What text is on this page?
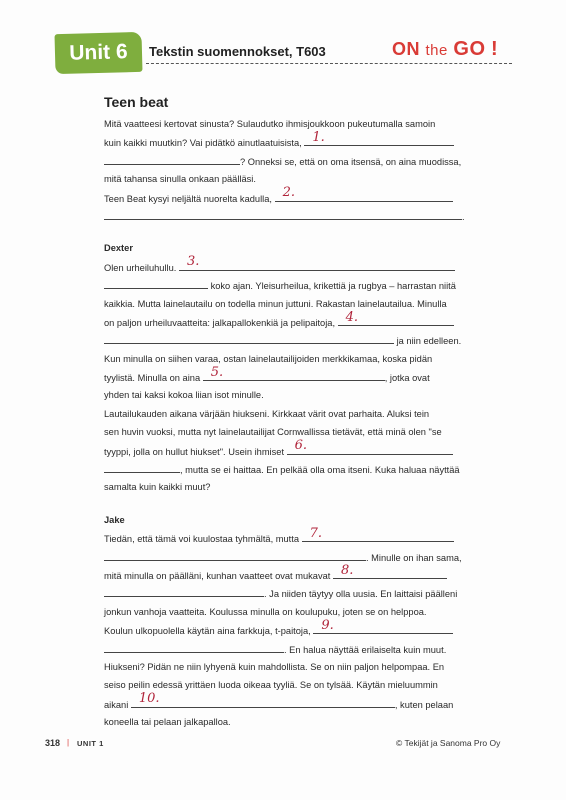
Unit 6	Tekstin suomennokset, T603	ON the GO !
Teen beat
Mitä vaatteesi kertovat sinusta? Sulaudutko ihmisjoukkoon pukeutumalla samoin
kuin kaikki muutkin? Vai pidätkö ainutlaatuisista, 1.
? Onneksi se, että on oma itsensä, on aina muodissa,
mitä tahansa sinulla onkaan päälläsi.
Teen Beat kysyi neljältä nuorelta kadulla, 2.
.
Dexter
Olen urheiluhullu. 3.
koko ajan. Yleisurheilua, krikettiä ja rugbya – harrastan niitä
kaikkia. Mutta lainelautailu on todella minun juttuni. Rakastan lainelautailua. Minulla
on paljon urheiluvaatteita: jalkapallokenkiä ja pelipaitoja, 4.
ja niin edelleen.
Kun minulla on siihen varaa, ostan lainelautailijoiden merkkikamaa, koska pidän
tyylistä. Minulla on aina 5.	, jotka ovat
yhden tai kaksi kokoa liian isot minulle.
Lautailukauden aikana värjään hiukseni. Kirkkaat värit ovat parhaita. Aluksi tein
sen huvin vuoksi, mutta nyt lainelautailijat Cornwallissa tietävät, että minä olen "se
tyyppi, jolla on hullut hiukset". Usein ihmiset 6.
, mutta se ei haittaa. En pelkää olla oma itseni. Kuka haluaa näyttää
samalta kuin kaikki muut?
Jake
Tiedän, että tämä voi kuulostaa tyhmältä, mutta 7.
. Minulle on ihan sama,
mitä minulla on päälläni, kunhan vaatteet ovat mukavat 8.
. Ja niiden täytyy olla uusia. En laittaisi päälleni
jonkun vanhoja vaatteita. Koulussa minulla on koulupuku, joten se on helppoa.
Koulun ulkopuolella käytän aina farkkuja, t-paitoja, 9.
. En halua näyttää erilaiselta kuin muut.
Hiukseni? Pidän ne niin lyhyenä kuin mahdollista. Se on niin paljon helpompaa. En
seiso peilin edessä yrittäen luoda oikeaa tyyliä. Se on tylsää. Käytän mieluummin
aikani 10.	, kuten pelaan
koneella tai pelaan jalkapalloa.
318 | UNIT 1	© Tekijät ja Sanoma Pro Oy
